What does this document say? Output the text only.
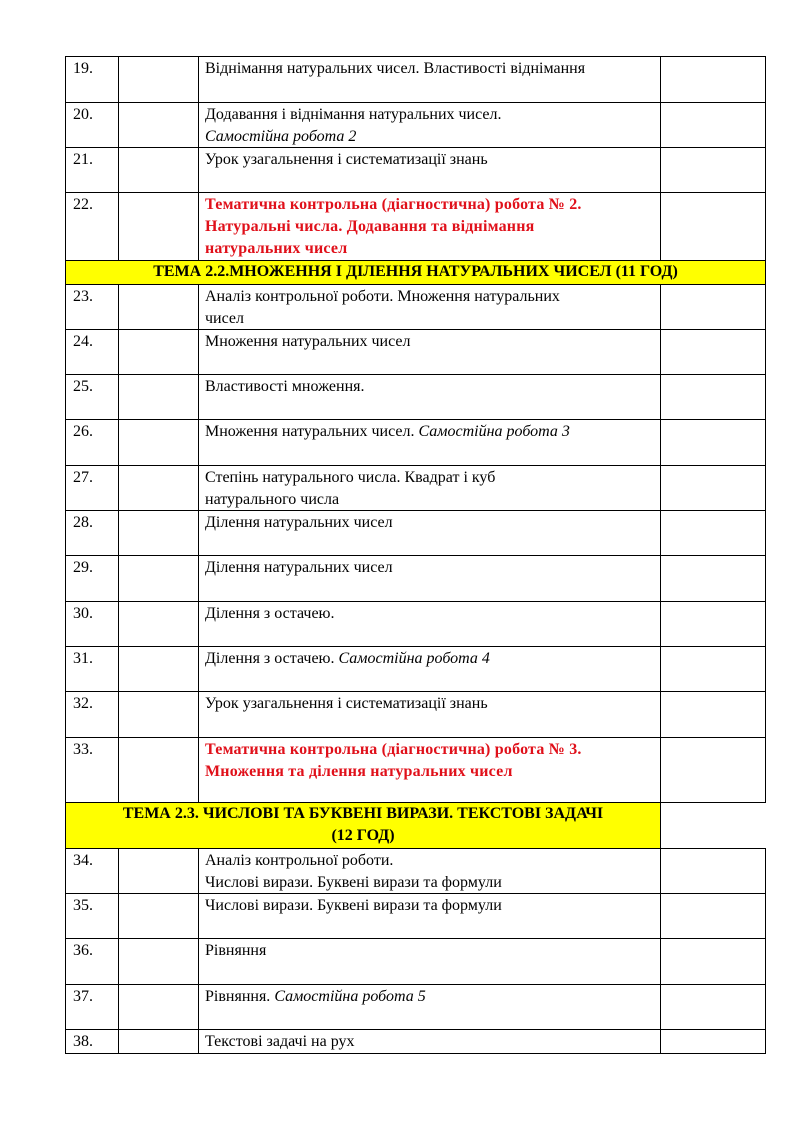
19.	Віднімання натуральних чисел. Властивості віднімання
20.	Додавання і віднімання натуральних чисел.
Самостійна робота 2
21.	Урок узагальнення і систематизації знань
22.	Тематична контрольна (діагностична) робота № 2.
Натуральні числа. Додавання та віднімання
натуральних чисел
ТЕМА 2.2.МНОЖЕННЯ І ДІЛЕННЯ НАТУРАЛЬНИХ ЧИСЕЛ (11 ГОД)
23.	Аналіз контрольної роботи. Множення натуральних
чисел
24.	Множення натуральних чисел
25.	Властивості множення.
26.	Множення натуральних чисел. Самостійна робота 3
27.	Степінь натурального числа. Квадрат і куб
натурального числа
28.	Ділення натуральних чисел
29.	Ділення натуральних чисел
30.	Ділення з остачею.
31.	Ділення з остачею. Самостійна робота 4
32.	Урок узагальнення і систематизації знань
33.	Тематична контрольна (діагностична) робота № 3.
Множення та ділення натуральних чисел
ТЕМА 2.3. ЧИСЛОВІ ТА БУКВЕНІ ВИРАЗИ. ТЕКСТОВІ ЗАДАЧІ
(12 ГОД)
34.	Аналіз контрольної роботи.
Числові вирази. Буквені вирази та формули
35.	Числові вирази. Буквені вирази та формули
36.	Рівняння
37.	Рівняння. Самостійна робота 5
38.	Текстові задачі на рух
